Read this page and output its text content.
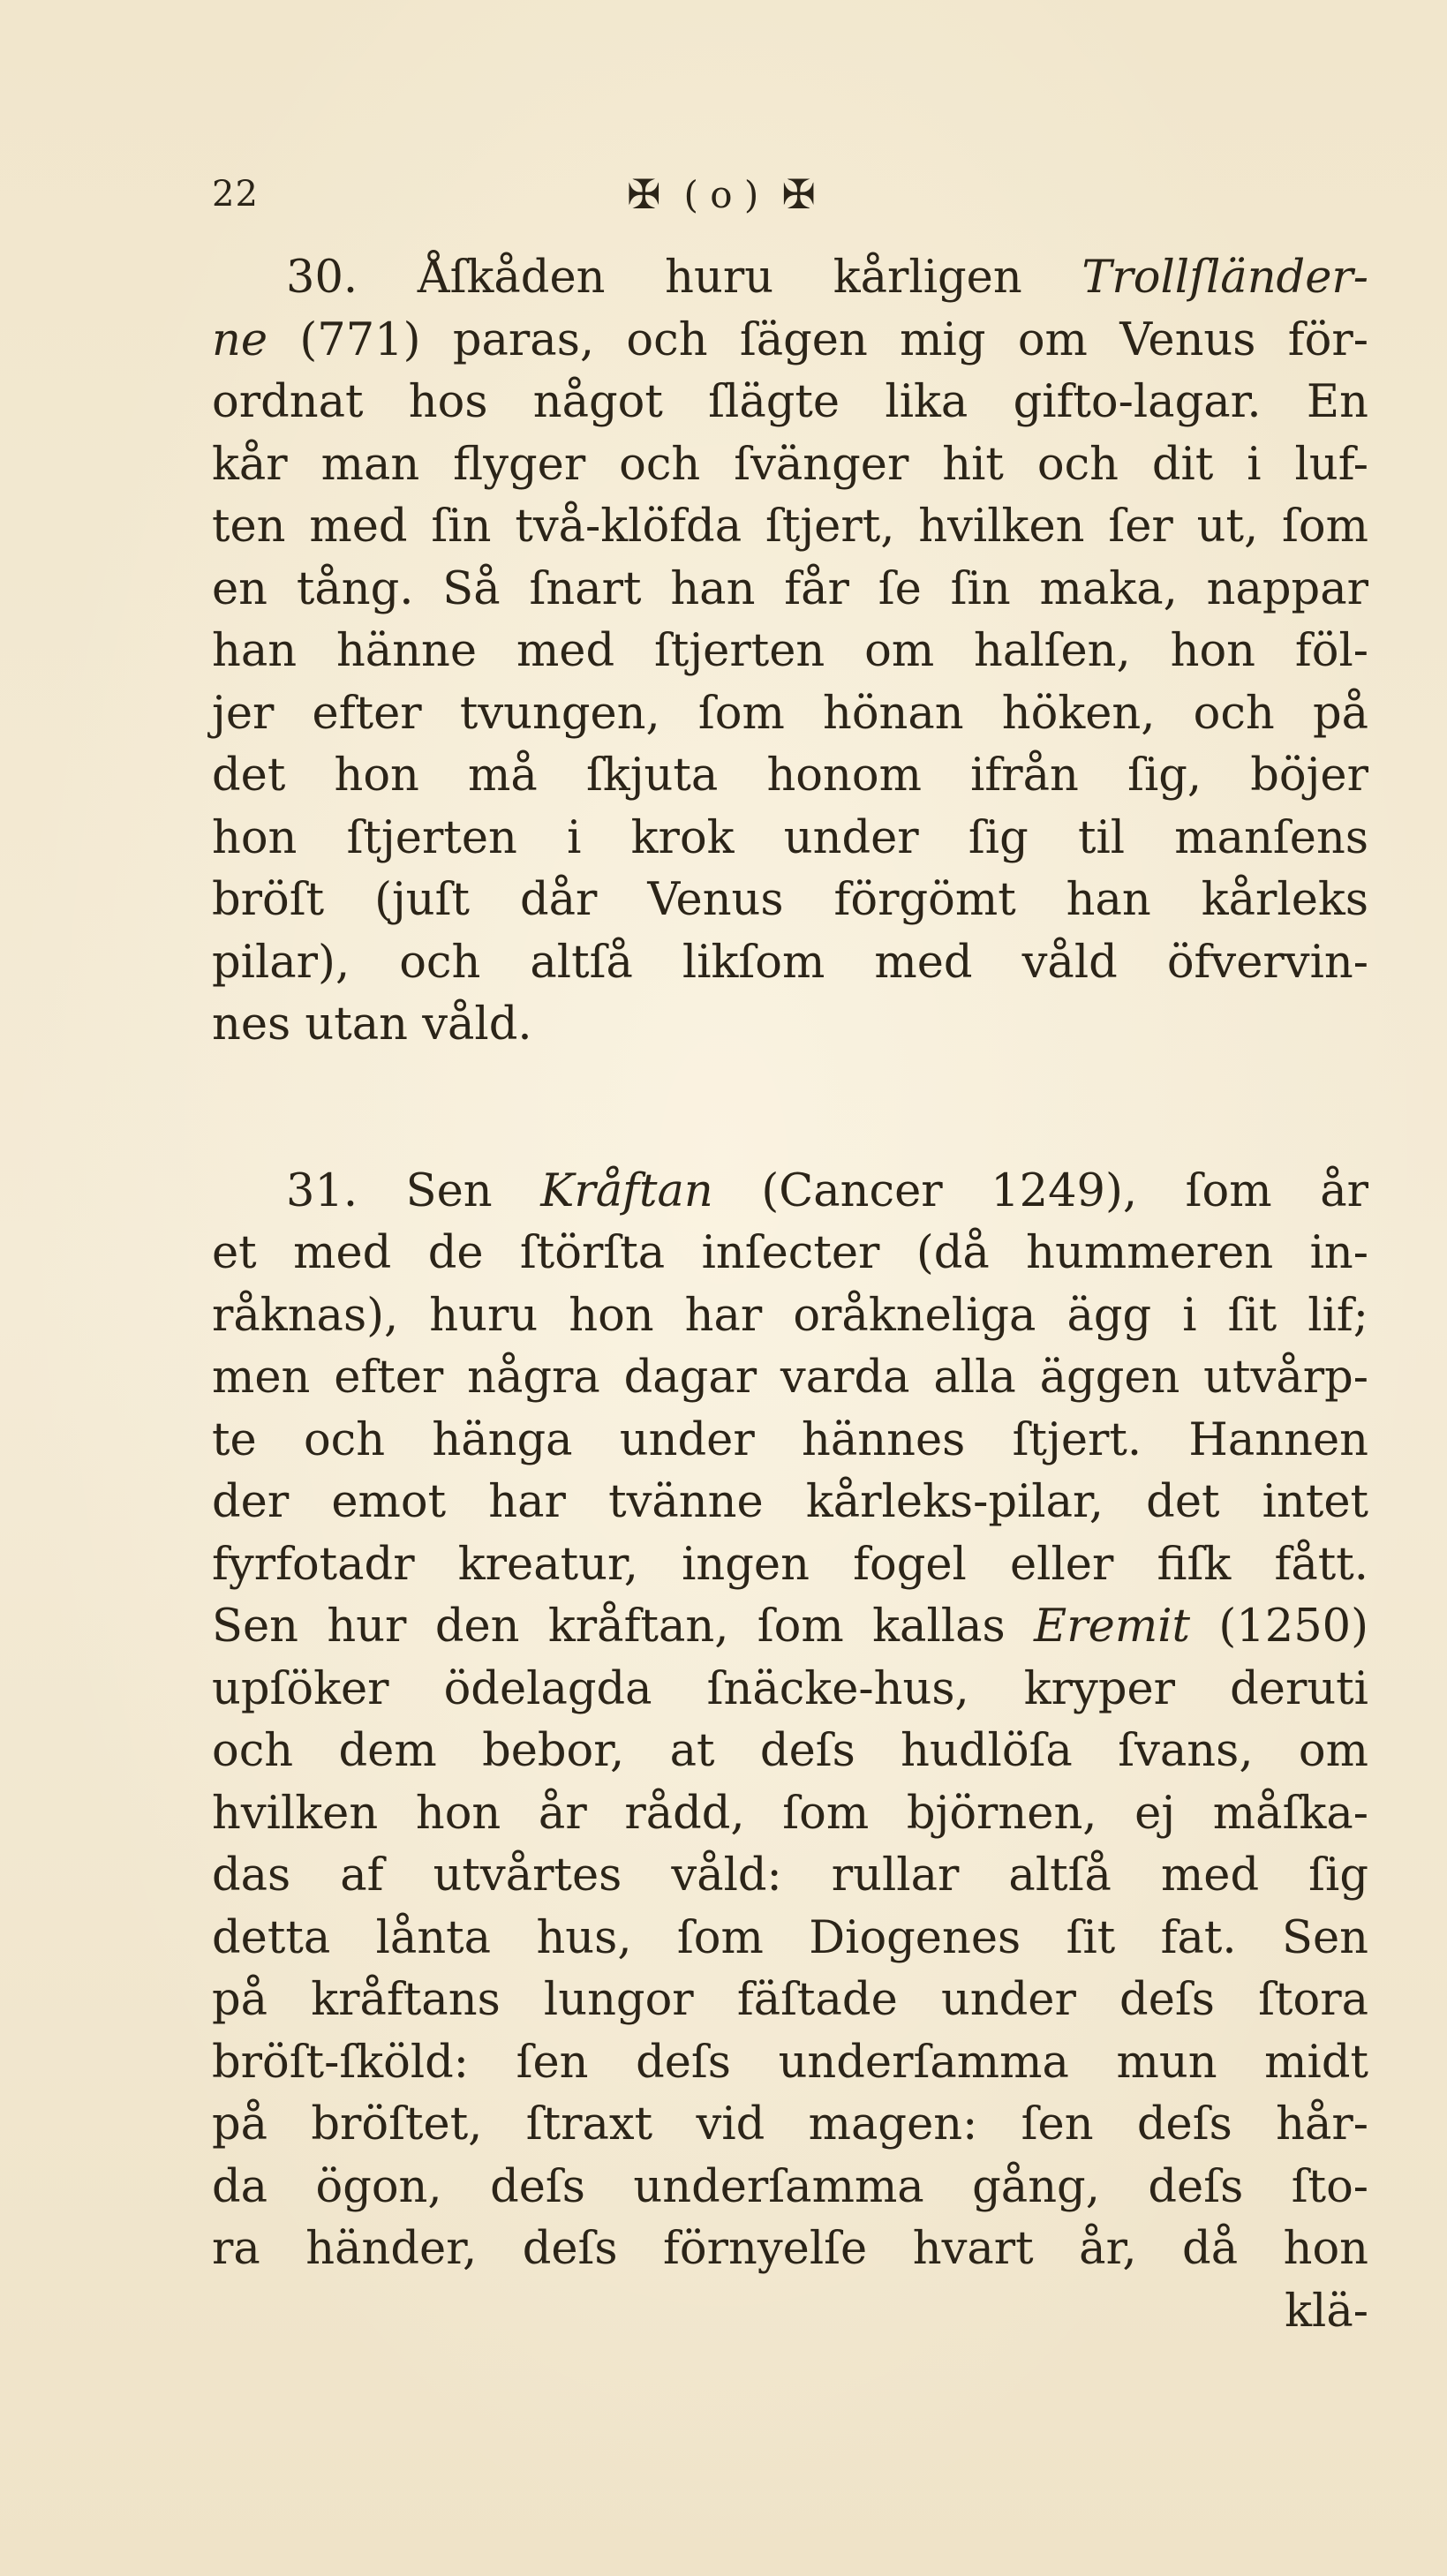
22	✠ ( o ) ✠
30. Åſkåden huru kårligen Trollſländer-
ne (771) paras, och ſägen mig om Venus för-
ordnat hos något ſlägte lika gifto-lagar. En
kår man flyger och ſvänger hit och dit i luf-
ten med ſin två-klöfda ſtjert, hvilken ſer ut, ſom
en tång. Så ſnart han får ſe ſin maka, nappar
han hänne med ſtjerten om halſen, hon föl-
jer efter tvungen, ſom hönan höken, och på
det hon må ſkjuta honom ifrån ſig, böjer
hon ſtjerten i krok under ſig til manſens
bröſt (juſt dår Venus förgömt han kårleks
pilar), och altſå likſom med våld öfvervin-
nes utan våld.
31. Sen Kråftan (Cancer 1249), ſom år
et med de ſtörſta inſecter (då hummeren in-
råknas), huru hon har oråkneliga ägg i ſit lif;
men efter några dagar varda alla äggen utvårp-
te och hänga under hännes ſtjert. Hannen
der emot har tvänne kårleks-pilar, det intet
fyrfotadr kreatur, ingen fogel eller fiſk fått.
Sen hur den kråftan, ſom kallas Eremit (1250)
upſöker ödelagda ſnäcke-hus, kryper deruti
och dem bebor, at deſs hudlöſa ſvans, om
hvilken hon år rådd, ſom björnen, ej måſka-
das af utvårtes våld: rullar altſå med ſig
detta lånta hus, ſom Diogenes ſit fat. Sen
på kråftans lungor fäſtade under deſs ſtora
bröſt-ſköld: ſen deſs underſamma mun midt
på bröſtet, ſtraxt vid magen: ſen deſs hår-
da ögon, deſs underſamma gång, deſs ſto-
ra händer, deſs förnyelſe hvart år, då hon
klä-
